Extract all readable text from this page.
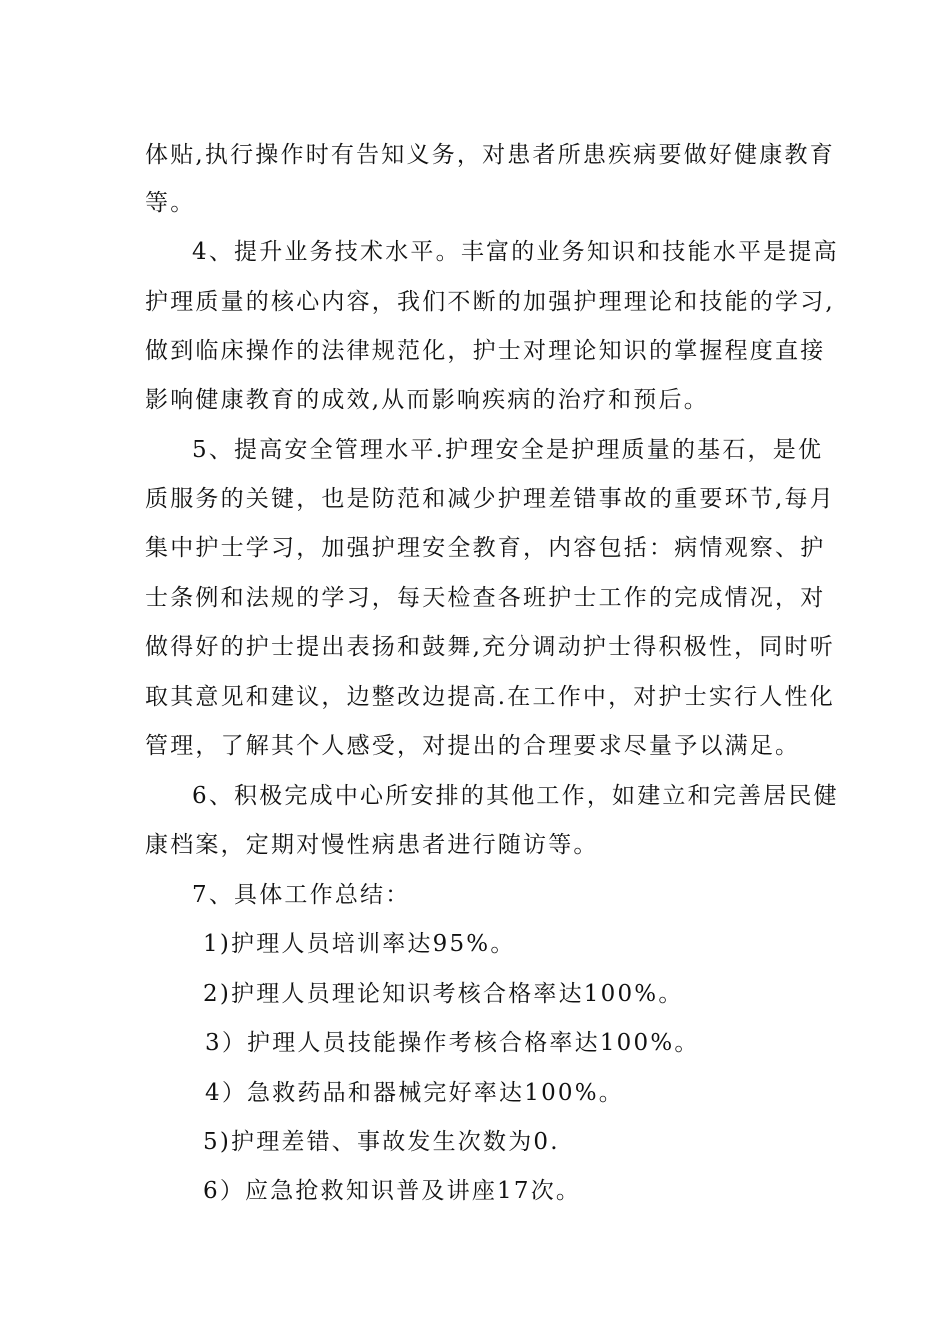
体贴,执行操作时有告知义务，对患者所患疾病要做好健康教育
等。
4、提升业务技术水平。丰富的业务知识和技能水平是提高
护理质量的核心内容，我们不断的加强护理理论和技能的学习,
做到临床操作的法律规范化，护士对理论知识的掌握程度直接
影响健康教育的成效,从而影响疾病的治疗和预后。
5、提高安全管理水平.护理安全是护理质量的基石，是优
质服务的关键，也是防范和减少护理差错事故的重要环节,每月
集中护士学习，加强护理安全教育，内容包括：病情观察、护
士条例和法规的学习，每天检查各班护士工作的完成情况，对
做得好的护士提出表扬和鼓舞,充分调动护士得积极性，同时听
取其意见和建议，边整改边提高.在工作中，对护士实行人性化
管理，了解其个人感受，对提出的合理要求尽量予以满足。
6、积极完成中心所安排的其他工作，如建立和完善居民健
康档案，定期对慢性病患者进行随访等。
7、具体工作总结：
1)护理人员培训率达95%。
2)护理人员理论知识考核合格率达100%。
3）护理人员技能操作考核合格率达100%。
4）急救药品和器械完好率达100%。
5)护理差错、事故发生次数为0.
6）应急抢救知识普及讲座17次。
